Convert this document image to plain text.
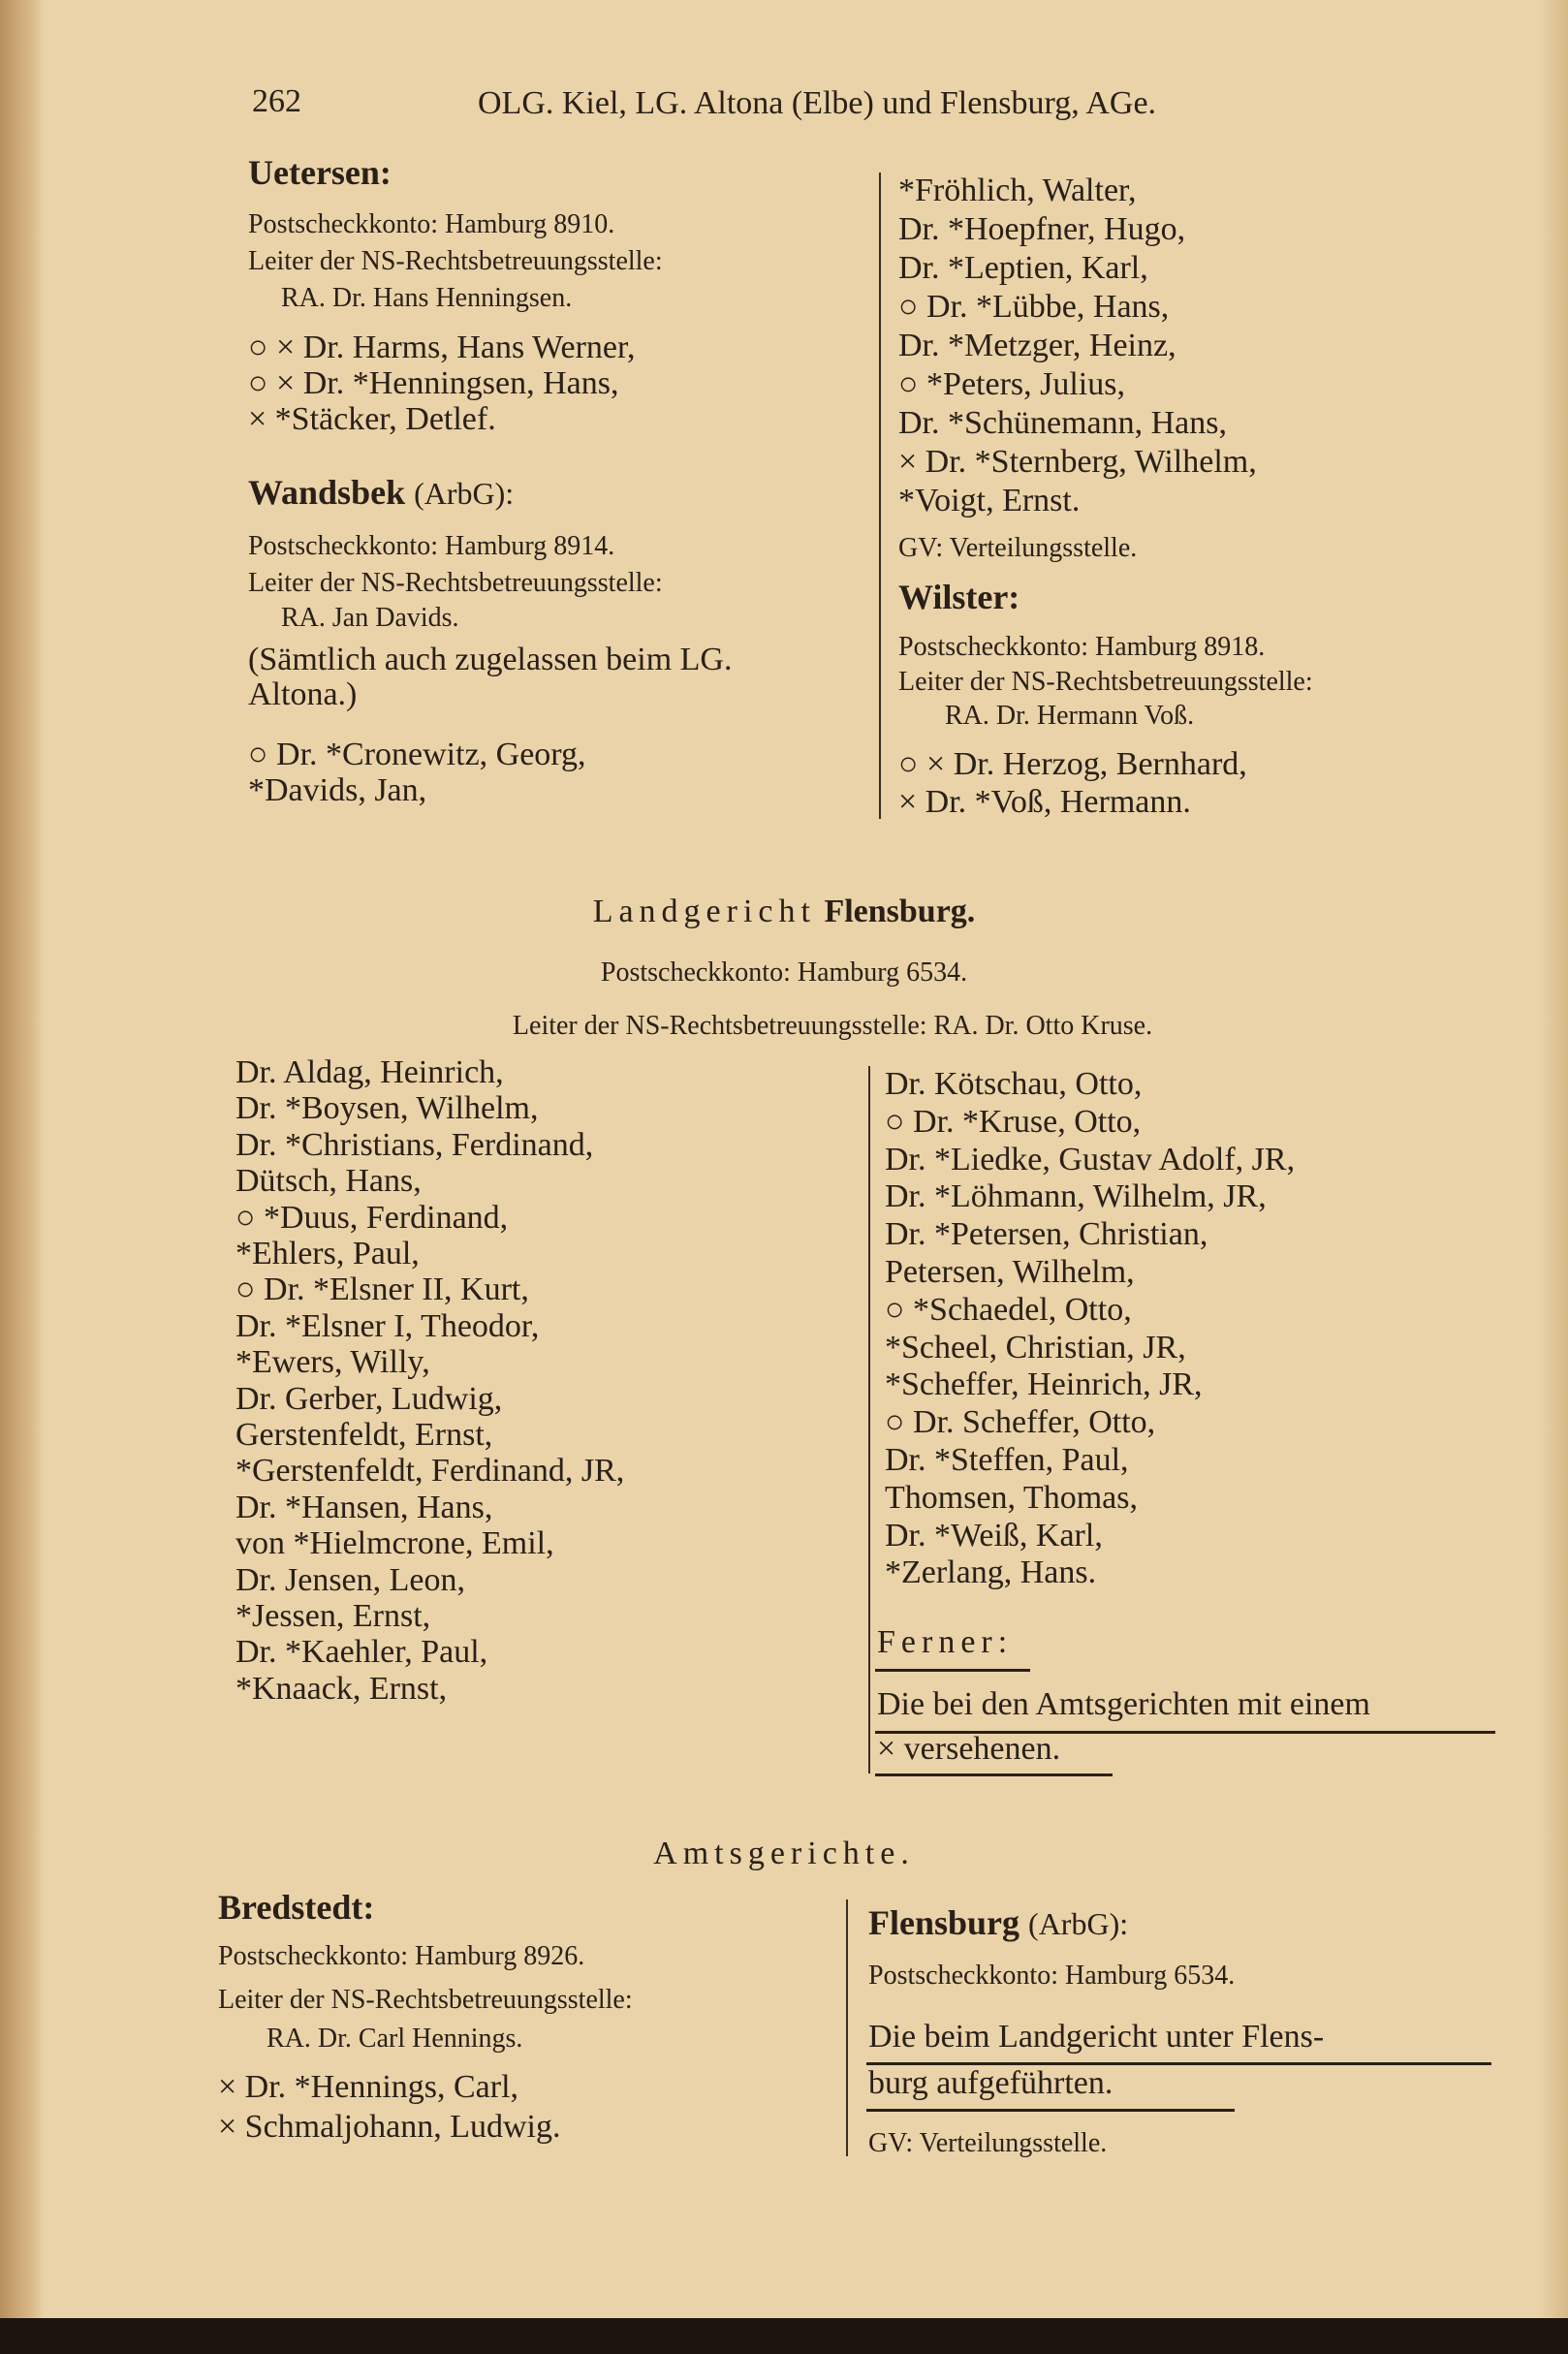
262	OLG. Kiel, LG. Altona (Elbe) und Flensburg, AGe.
Uetersen:
Postscheckkonto: Hamburg 8910.
Leiter der NS-Rechtsbetreuungsstelle:
RA. Dr. Hans Henningsen.
○ × Dr. Harms, Hans Werner,
○ × Dr. *Henningsen, Hans,
× *Stäcker, Detlef.
Wandsbek (ArbG):
Postscheckkonto: Hamburg 8914.
Leiter der NS-Rechtsbetreuungsstelle:
RA. Jan Davids.
(Sämtlich auch zugelassen beim LG.
Altona.)
○ Dr. *Cronewitz, Georg,
*Davids, Jan,
*Fröhlich, Walter,
Dr. *Hoepfner, Hugo,
Dr. *Leptien, Karl,
○ Dr. *Lübbe, Hans,
Dr. *Metzger, Heinz,
○ *Peters, Julius,
Dr. *Schünemann, Hans,
× Dr. *Sternberg, Wilhelm,
*Voigt, Ernst.
GV: Verteilungsstelle.
Wilster:
Postscheckkonto: Hamburg 8918.
Leiter der NS-Rechtsbetreuungsstelle:
RA. Dr. Hermann Voß.
○ × Dr. Herzog, Bernhard,
× Dr. *Voß, Hermann.
Landgericht Flensburg.
Postscheckkonto: Hamburg 6534.
Leiter der NS-Rechtsbetreuungsstelle: RA. Dr. Otto Kruse.
Dr. Aldag, Heinrich,
Dr. *Boysen, Wilhelm,
Dr. *Christians, Ferdinand,
Dütsch, Hans,
○ *Duus, Ferdinand,
*Ehlers, Paul,
○ Dr. *Elsner II, Kurt,
Dr. *Elsner I, Theodor,
*Ewers, Willy,
Dr. Gerber, Ludwig,
Gerstenfeldt, Ernst,
*Gerstenfeldt, Ferdinand, JR,
Dr. *Hansen, Hans,
von *Hielmcrone, Emil,
Dr. Jensen, Leon,
*Jessen, Ernst,
Dr. *Kaehler, Paul,
*Knaack, Ernst,
Dr. Kötschau, Otto,
○ Dr. *Kruse, Otto,
Dr. *Liedke, Gustav Adolf, JR,
Dr. *Löhmann, Wilhelm, JR,
Dr. *Petersen, Christian,
Petersen, Wilhelm,
○ *Schaedel, Otto,
*Scheel, Christian, JR,
*Scheffer, Heinrich, JR,
○ Dr. Scheffer, Otto,
Dr. *Steffen, Paul,
Thomsen, Thomas,
Dr. *Weiß, Karl,
*Zerlang, Hans.
Ferner:
Die bei den Amtsgerichten mit einem
× versehenen.
Amtsgerichte.
Bredstedt:
Postscheckkonto: Hamburg 8926.
Leiter der NS-Rechtsbetreuungsstelle:
RA. Dr. Carl Hennings.
× Dr. *Hennings, Carl,
× Schmaljohann, Ludwig.
Flensburg (ArbG):
Postscheckkonto: Hamburg 6534.
Die beim Landgericht unter Flens-
burg aufgeführten.
GV: Verteilungsstelle.
